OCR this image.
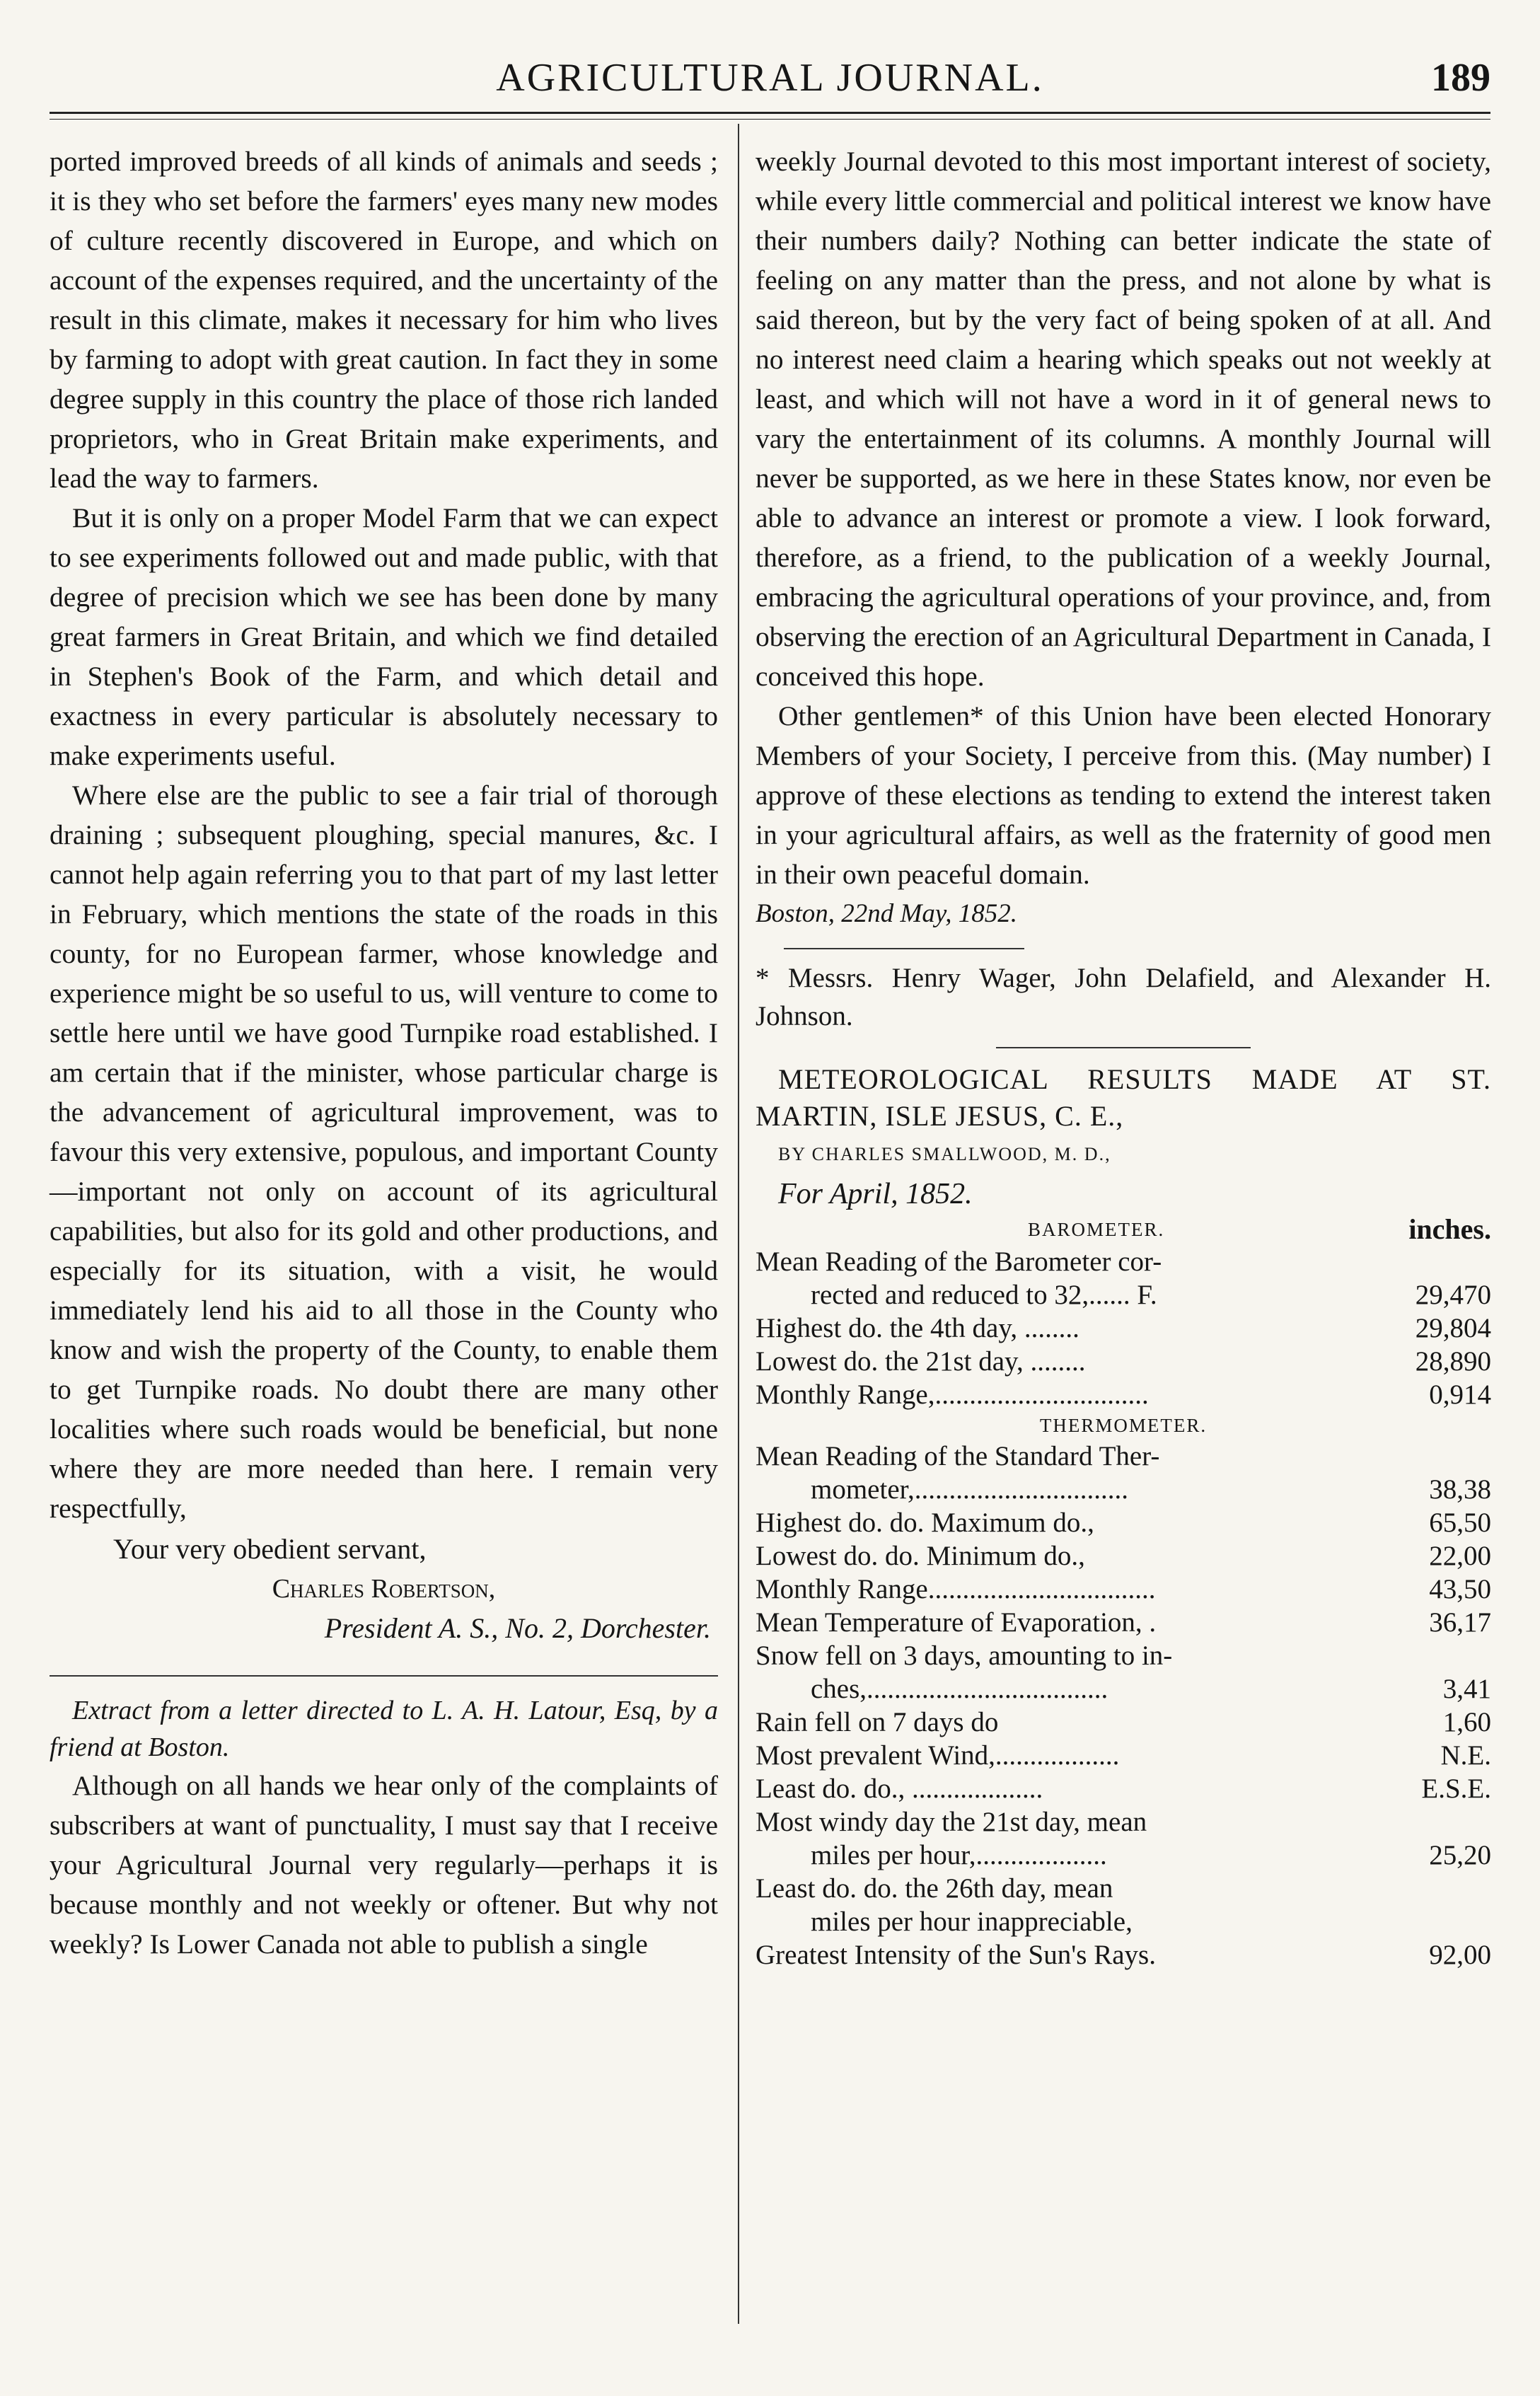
AGRICULTURAL JOURNAL.	189

ported improved breeds of all kinds of animals and seeds ; it is they who set before the farmers' eyes many new modes of culture recently discovered in Europe, and which on account of the expenses required, and the uncertainty of the result in this climate, makes it necessary for him who lives by farming to adopt with great caution. In fact they in some degree supply in this country the place of those rich landed proprietors, who in Great Britain make experiments, and lead the way to farmers.

But it is only on a proper Model Farm that we can expect to see experiments followed out and made public, with that degree of precision which we see has been done by many great farmers in Great Britain, and which we find detailed in Stephen's Book of the Farm, and which detail and exactness in every particular is absolutely necessary to make experiments useful.

Where else are the public to see a fair trial of thorough draining ; subsequent ploughing, special manures, &c. I cannot help again referring you to that part of my last letter in February, which mentions the state of the roads in this county, for no European farmer, whose knowledge and experience might be so useful to us, will venture to come to settle here until we have good Turnpike road established. I am certain that if the minister, whose particular charge is the advancement of agricultural improvement, was to favour this very extensive, populous, and important County—important not only on account of its agricultural capabilities, but also for its gold and other productions, and especially for its situation, with a visit, he would immediately lend his aid to all those in the County who know and wish the property of the County, to enable them to get Turnpike roads. No doubt there are many other localities where such roads would be beneficial, but none where they are more needed than here. I remain very respectfully,

Your very obedient servant,
Charles Robertson,
President A. S., No. 2, Dorchester.

Extract from a letter directed to L. A. H. Latour, Esq, by a friend at Boston.

Although on all hands we hear only of the complaints of subscribers at want of punctuality, I must say that I receive your Agricultural Journal very regularly—perhaps it is because monthly and not weekly or oftener. But why not weekly? Is Lower Canada not able to publish a single

weekly Journal devoted to this most important interest of society, while every little commercial and political interest we know have their numbers daily? Nothing can better indicate the state of feeling on any matter than the press, and not alone by what is said thereon, but by the very fact of being spoken of at all. And no interest need claim a hearing which speaks out not weekly at least, and which will not have a word in it of general news to vary the entertainment of its columns. A monthly Journal will never be supported, as we here in these States know, nor even be able to advance an interest or promote a view. I look forward, therefore, as a friend, to the publication of a weekly Journal, embracing the agricultural operations of your province, and, from observing the erection of an Agricultural Department in Canada, I conceived this hope.

Other gentlemen* of this Union have been elected Honorary Members of your Society, I perceive from this. (May number) I approve of these elections as tending to extend the interest taken in your agricultural affairs, as well as the fraternity of good men in their own peaceful domain.

Boston, 22nd May, 1852.

* Messrs. Henry Wager, John Delafield, and Alexander H. Johnson.

METEOROLOGICAL RESULTS MADE AT ST. MARTIN, ISLE JESUS, C. E.,

BY CHARLES SMALLWOOD, M. D.,

For April, 1852.

BAROMETER.	inches.
Mean Reading of the Barometer cor-
rected and reduced to 32,...... F.	29,470
Highest do. the 4th day, ........	29,804
Lowest do. the 21st day, ........	28,890
Monthly Range,...............................	0,914
THERMOMETER.
Mean Reading of the Standard Ther-
mometer,...............................	38,38
Highest do. do. Maximum do.,	65,50
Lowest do. do. Minimum do.,	22,00
Monthly Range.................................	43,50
Mean Temperature of Evaporation, .	36,17
Snow fell on 3 days, amounting to in-
ches,...................................	3,41
Rain fell on 7 days do	1,60
Most prevalent Wind,..................	N.E.
Least do. do., ...................	E.S.E.
Most windy day the 21st day, mean
miles per hour,...................	25,20
Least do. do. the 26th day, mean
miles per hour inappreciable,
Greatest Intensity of the Sun's Rays.	92,00
